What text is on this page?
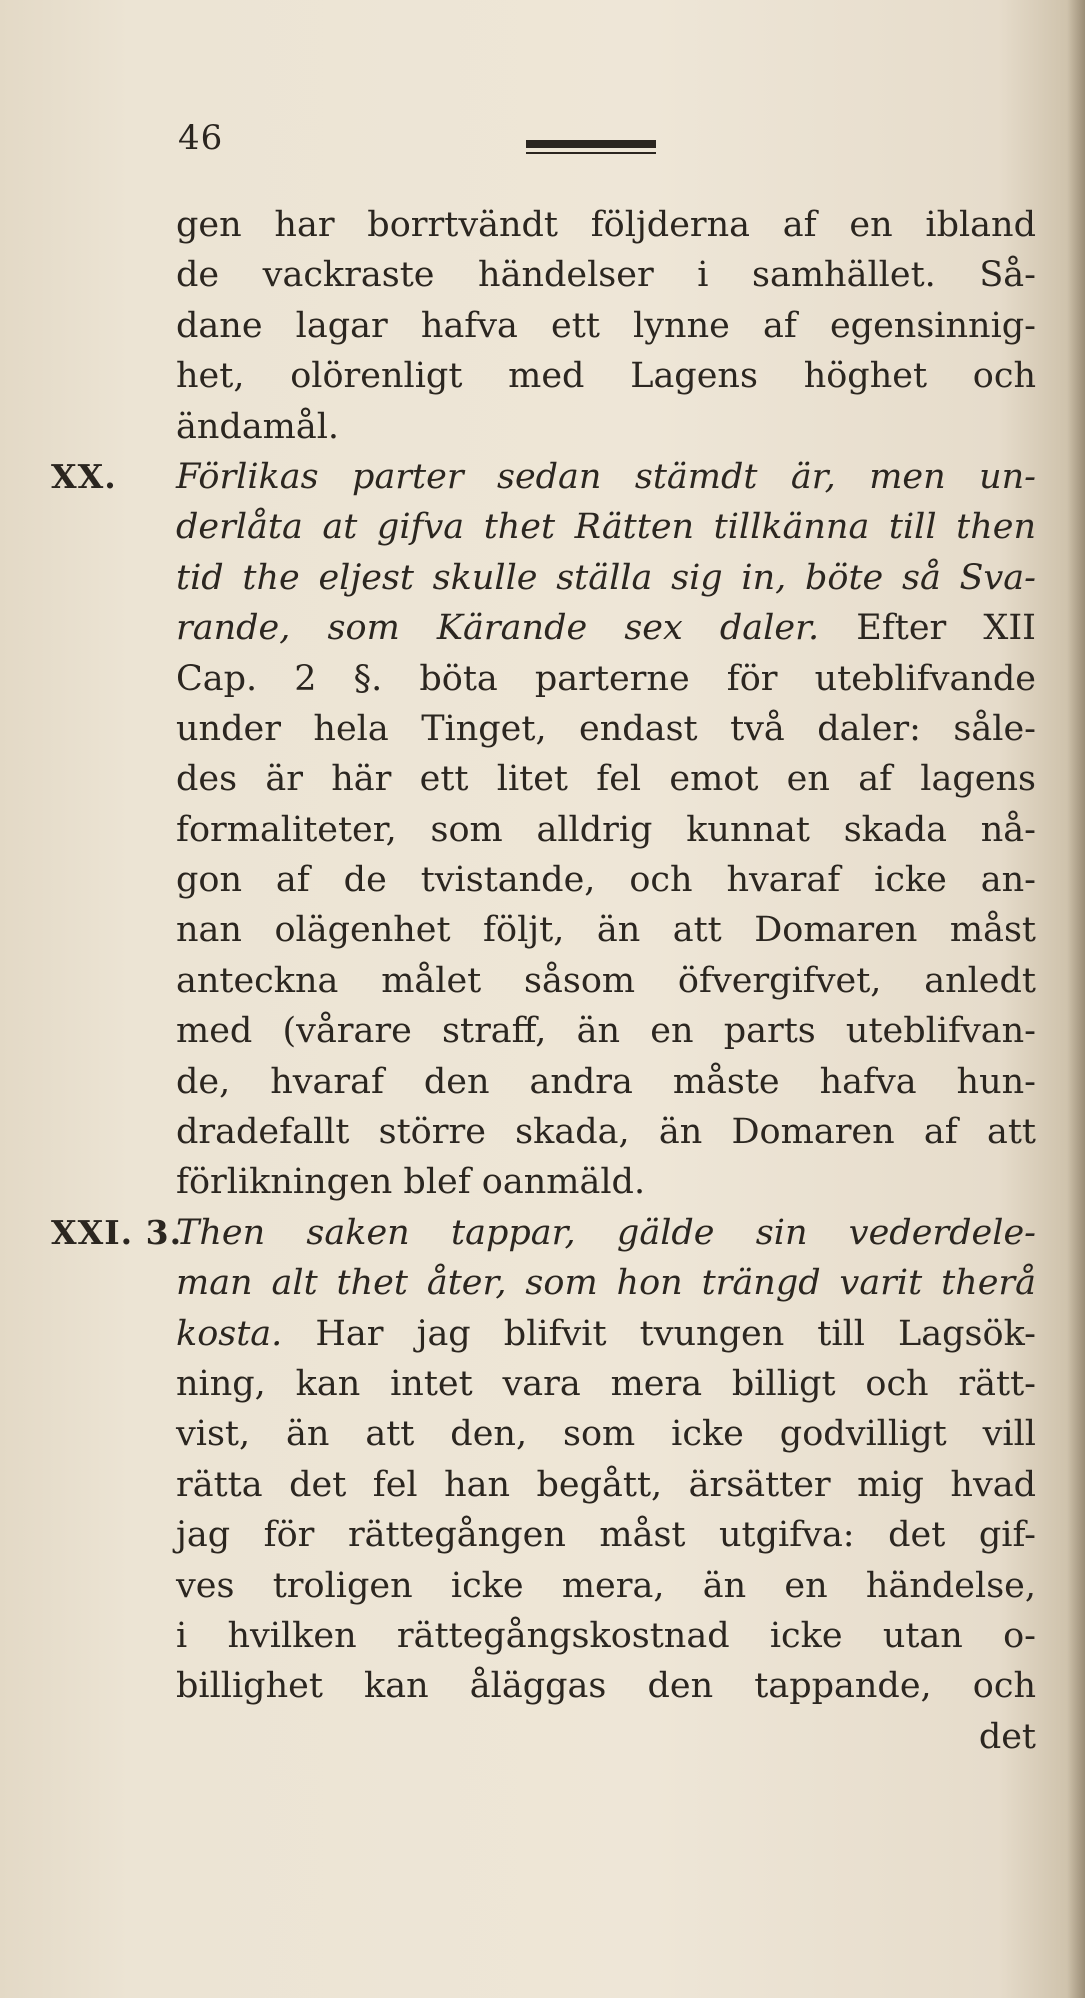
46
gen har borrtvändt följderna af en ibland
de vackraste händelser i samhället. Så-
dane lagar hafva ett lynne af egensinnig-
het, olörenligt med Lagens höghet och
ändamål.
XX. Förlikas parter sedan stämdt är, men un-
derlåta at gifva thet Rätten tillkänna till then
tid the eljest skulle ställa sig in, böte så Svа-
rande, som Kärande sex daler. Efter XII
Cap. 2 §. böta parterne för uteblifvande
under hela Tinget, endast två daler: såle-
des är här ett litet fel emot en af lagens
formaliteter, som alldrig kunnat skada nå-
gon af de tvistande, och hvaraf icke an-
nan olägenhet följt, än att Domaren måst
anteckna målet såsom öfvergifvet, anledt
med (vårare straff, än en parts uteblifvan-
de, hvaraf den andra måste hafva hun-
dradefallt större skada, än Domaren af att
förlikningen blef oanmäld.
XXI. 3.
Then saken tappar, gälde sin vederdele-
man alt thet åter, som hon trängd varit therå
kosta. Har jag blifvit tvungen till Lagsök-
ning, kan intet vara mera billigt och rätt-
vist, än att den, som icke godvilligt vill
rätta det fel han begått, ärsätter mig hvad
jag för rättegången måst utgifva: det gif-
ves troligen icke mera, än en händelse,
i hvilken rättegångskostnad icke utan o-
billighet kan åläggas den tappande, och
det
